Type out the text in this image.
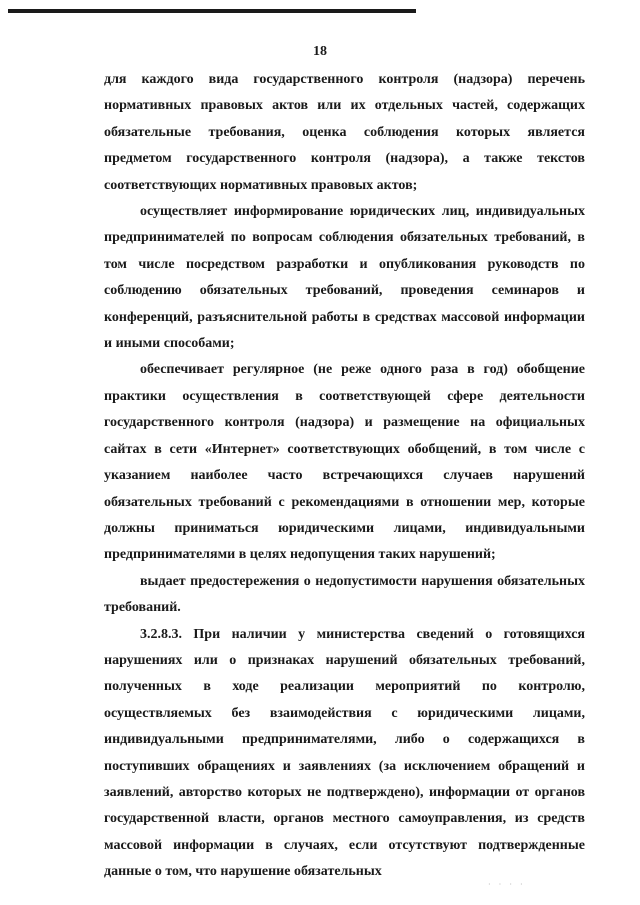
18

для каждого вида государственного контроля (надзора) перечень нормативных правовых актов или их отдельных частей, содержащих обязательные требования, оценка соблюдения которых является предметом государственного контроля (надзора), а также текстов соответствующих нормативных правовых актов;

осуществляет информирование юридических лиц, индивидуальных предпринимателей по вопросам соблюдения обязательных требований, в том числе посредством разработки и опубликования руководств по соблюдению обязательных требований, проведения семинаров и конференций, разъяснительной работы в средствах массовой информации и иными способами;

обеспечивает регулярное (не реже одного раза в год) обобщение практики осуществления в соответствующей сфере деятельности государственного контроля (надзора) и размещение на официальных сайтах в сети «Интернет» соответствующих обобщений, в том числе с указанием наиболее часто встречающихся случаев нарушений обязательных требований с рекомендациями в отношении мер, которые должны приниматься юридическими лицами, индивидуальными предпринимателями в целях недопущения таких нарушений;

выдает предостережения о недопустимости нарушения обязательных требований.

3.2.8.3. При наличии у министерства сведений о готовящихся нарушениях или о признаках нарушений обязательных требований, полученных в ходе реализации мероприятий по контролю, осуществляемых без взаимодействия с юридическими лицами, индивидуальными предпринимателями, либо о содержащихся в поступивших обращениях и заявлениях (за исключением обращений и заявлений, авторство которых не подтверждено), информации от органов государственной власти, органов местного самоуправления, из средств массовой информации в случаях, если отсутствуют подтвержденные данные о том, что нарушение обязательных

· · · ·
